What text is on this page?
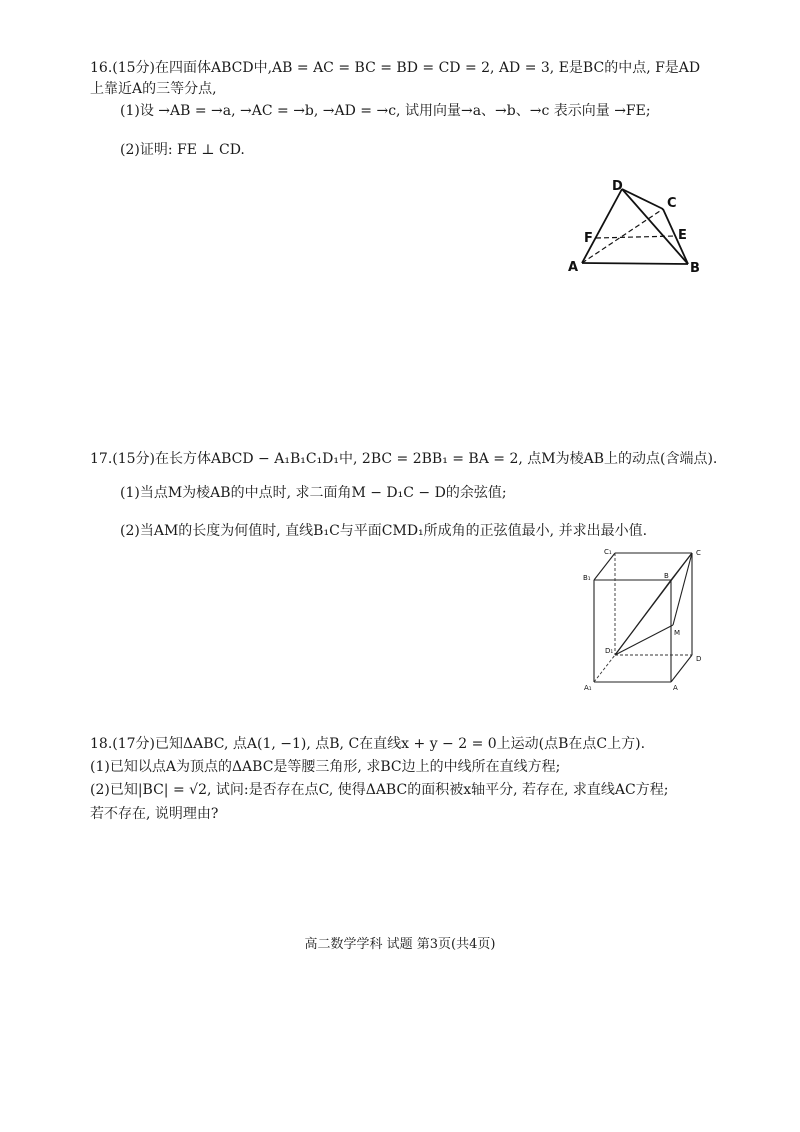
16.(15分)在四面体ABCD中,AB = AC = BC = BD = CD = 2, AD = 3, E是BC的中点, F是AD
上靠近A的三等分点,
(1)设 →AB = →a, →AC = →b, →AD = →c, 试用向量→a、→b、→c 表示向量 →FE;
(2)证明: FE ⊥ CD.
D
C
F	E
A	B
17.(15分)在长方体ABCD − A₁B₁C₁D₁中, 2BC = 2BB₁ = BA = 2, 点M为棱AB上的动点(含端点).
(1)当点M为棱AB的中点时, 求二面角M − D₁C − D的余弦值;
(2)当AM的长度为何值时, 直线B₁C与平面CMD₁所成角的正弦值最小, 并求出最小值.
C₁	C
B₁	B
M
D₁
D
A₁	A
18.(17分)已知ΔABC, 点A(1, −1), 点B, C在直线x + y − 2 = 0上运动(点B在点C上方).
(1)已知以点A为顶点的ΔABC是等腰三角形, 求BC边上的中线所在直线方程;
(2)已知|BC| = √2, 试问:是否存在点C, 使得ΔABC的面积被x轴平分, 若存在, 求直线AC方程;
若不存在, 说明理由?
高二数学学科 试题 第3页(共4页)
